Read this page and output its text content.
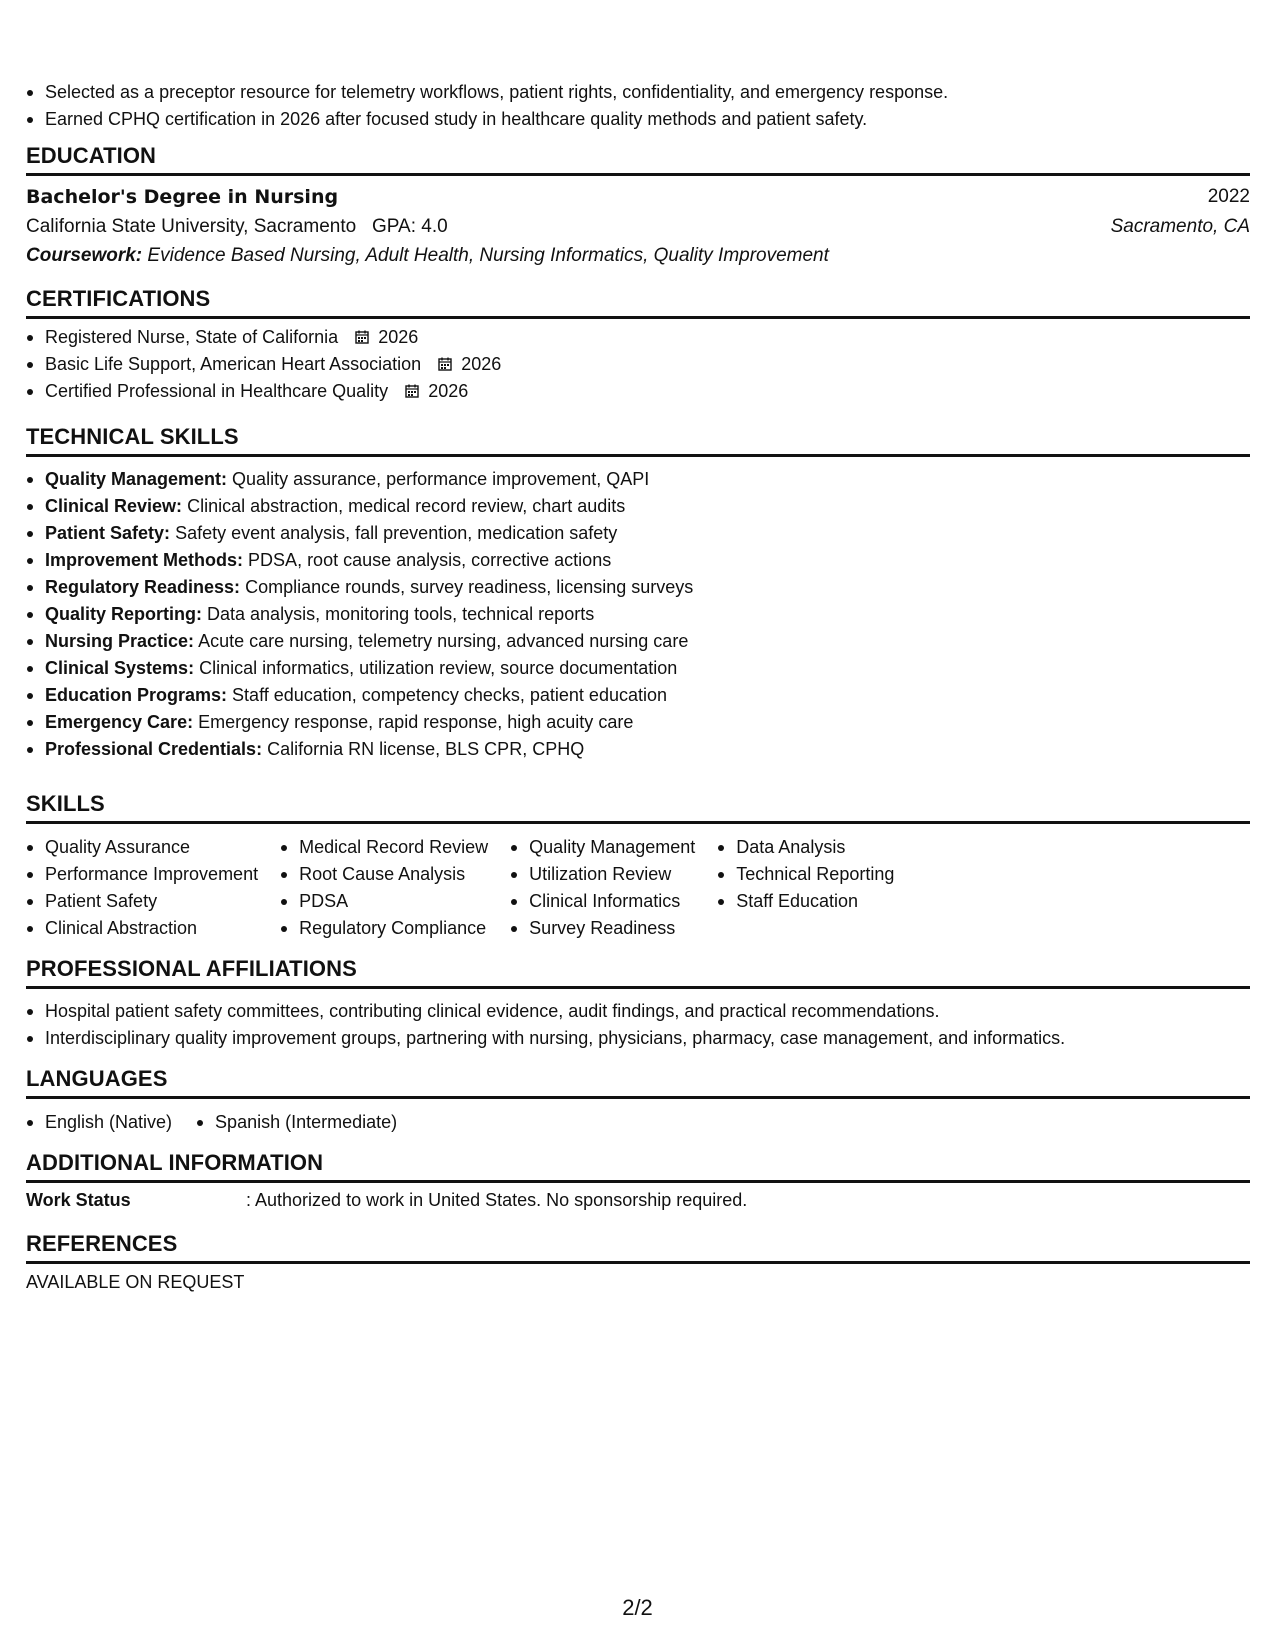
Selected as a preceptor resource for telemetry workflows, patient rights, confidentiality, and emergency response.
Earned CPHQ certification in 2026 after focused study in healthcare quality methods and patient safety.
EDUCATION
Bachelor's Degree in Nursing	2022
California State University, Sacramento GPA: 4.0	Sacramento, CA
Coursework: Evidence Based Nursing, Adult Health, Nursing Informatics, Quality Improvement
CERTIFICATIONS
Registered Nurse, State of California 2026
Basic Life Support, American Heart Association 2026
Certified Professional in Healthcare Quality 2026
TECHNICAL SKILLS
Quality Management: Quality assurance, performance improvement, QAPI
Clinical Review: Clinical abstraction, medical record review, chart audits
Patient Safety: Safety event analysis, fall prevention, medication safety
Improvement Methods: PDSA, root cause analysis, corrective actions
Regulatory Readiness: Compliance rounds, survey readiness, licensing surveys
Quality Reporting: Data analysis, monitoring tools, technical reports
Nursing Practice: Acute care nursing, telemetry nursing, advanced nursing care
Clinical Systems: Clinical informatics, utilization review, source documentation
Education Programs: Staff education, competency checks, patient education
Emergency Care: Emergency response, rapid response, high acuity care
Professional Credentials: California RN license, BLS CPR, CPHQ
SKILLS
Quality Assurance
Performance Improvement
Patient Safety
Clinical Abstraction
Medical Record Review
Root Cause Analysis
PDSA
Regulatory Compliance
Quality Management
Utilization Review
Clinical Informatics
Survey Readiness
Data Analysis
Technical Reporting
Staff Education
PROFESSIONAL AFFILIATIONS
Hospital patient safety committees, contributing clinical evidence, audit findings, and practical recommendations.
Interdisciplinary quality improvement groups, partnering with nursing, physicians, pharmacy, case management, and informatics.
LANGUAGES
English (Native)	Spanish (Intermediate)
ADDITIONAL INFORMATION
Work Status	: Authorized to work in United States. No sponsorship required.
REFERENCES
AVAILABLE ON REQUEST
2/2
